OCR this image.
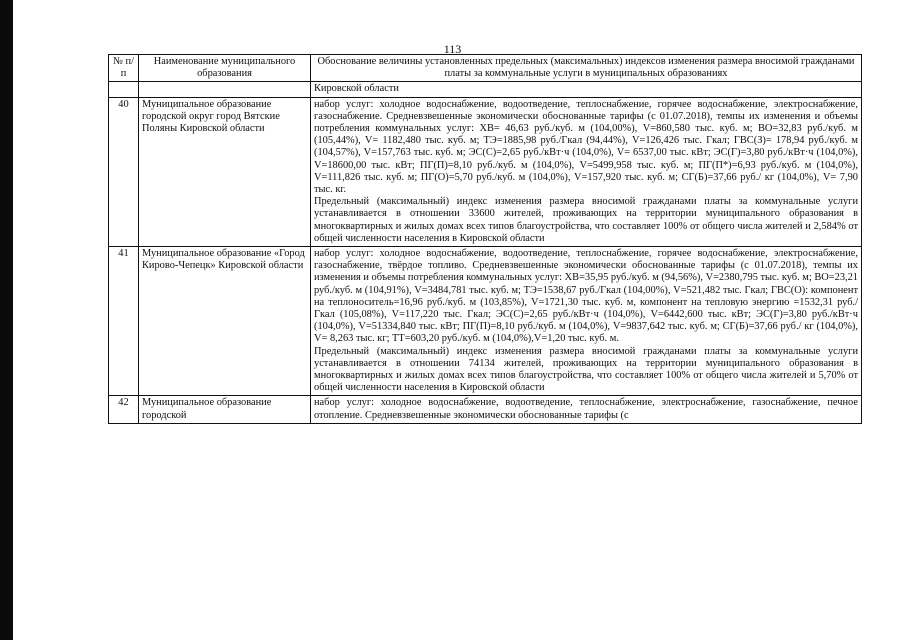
113
№ п/п	Наименование муниципального образования	Обоснование величины установленных предельных (максимальных) индексов изменения размера вносимой гражданами платы за коммунальные услуги в муниципальных образованиях
		Кировской области
40	Муниципальное образование городской округ город Вятские Поляны Кировской области	набор услуг: холодное водоснабжение, водоотведение, теплоснабжение, горячее водоснабжение, электроснабжение, газоснабжение. Средневзвешенные экономически обоснованные тарифы (с 01.07.2018), темпы их изменения и объемы потребления коммунальных услуг: ХВ= 46,63 руб./куб. м (104,00%), V=860,580 тыс. куб. м; ВО=32,83 руб./куб. м (105,44%), V= 1182,480 тыс. куб. м; ТЭ=1885,98 руб./Гкал (94,44%), V=126,426 тыс. Гкал; ГВС(З)= 178,94 руб./куб. м (104,57%), V=157,763 тыс. куб. м; ЭС(С)=2,65 руб./кВт·ч (104,0%), V= 6537,00 тыс. кВт; ЭС(Г)=3,80 руб./кВт·ч (104,0%), V=18600,00 тыс. кВт; ПГ(П)=8,10 руб./куб. м (104,0%), V=5499,958 тыс. куб. м; ПГ(П*)=6,93 руб./куб. м (104,0%), V=111,826 тыс. куб. м; ПГ(О)=5,70 руб./куб. м (104,0%), V=157,920 тыс. куб. м; СГ(Б)=37,66 руб./ кг (104,0%), V= 7,90 тыс. кг.

Предельный (максимальный) индекс изменения размера вносимой гражданами платы за коммунальные услуги устанавливается в отношении 33600 жителей, проживающих на территории муниципального образования в многоквартирных и жилых домах всех типов благоустройства, что составляет 100% от общего числа жителей и 2,584% от общей численности населения в Кировской области

41	Муниципальное образование «Город Кирово-Чепецк» Кировской области	набор услуг: холодное водоснабжение, водоотведение, теплоснабжение, горячее водоснабжение, электроснабжение, газоснабжение, твёрдое топливо. Средневзвешенные экономически обоснованные тарифы (с 01.07.2018), темпы их изменения и объемы потребления коммунальных услуг: ХВ=35,95 руб./куб. м (94,56%), V=2380,795 тыс. куб. м; ВО=23,21 руб./куб. м (104,91%), V=3484,781 тыс. куб. м; ТЭ=1538,67 руб./Гкал (104,00%), V=521,482 тыс. Гкал; ГВС(О): компонент на теплоноситель=16,96 руб./куб. м (103,85%), V=1721,30 тыс. куб. м, компонент на тепловую энергию =1532,31 руб./Гкал (105,08%), V=117,220 тыс. Гкал; ЭС(С)=2,65 руб./кВт·ч (104,0%), V=6442,600 тыс. кВт; ЭС(Г)=3,80 руб./кВт·ч (104,0%), V=51334,840 тыс. кВт; ПГ(П)=8,10 руб./куб. м (104,0%), V=9837,642 тыс. куб. м; СГ(Б)=37,66 руб./ кг (104,0%), V= 8,263 тыс. кг; ТТ=603,20 руб./куб. м (104,0%),V=1,20 тыс. куб. м.

Предельный (максимальный) индекс изменения размера вносимой гражданами платы за коммунальные услуги устанавливается в отношении 74134 жителей, проживающих на территории муниципального образования в многоквартирных и жилых домах всех типов благоустройства, что составляет 100% от общего числа жителей и 5,70% от общей численности населения в Кировской области

42	Муниципальное образование городской	набор услуг: холодное водоснабжение, водоотведение, теплоснабжение, электроснабжение, газоснабжение, печное отопление. Средневзвешенные экономически обоснованные тарифы (с
